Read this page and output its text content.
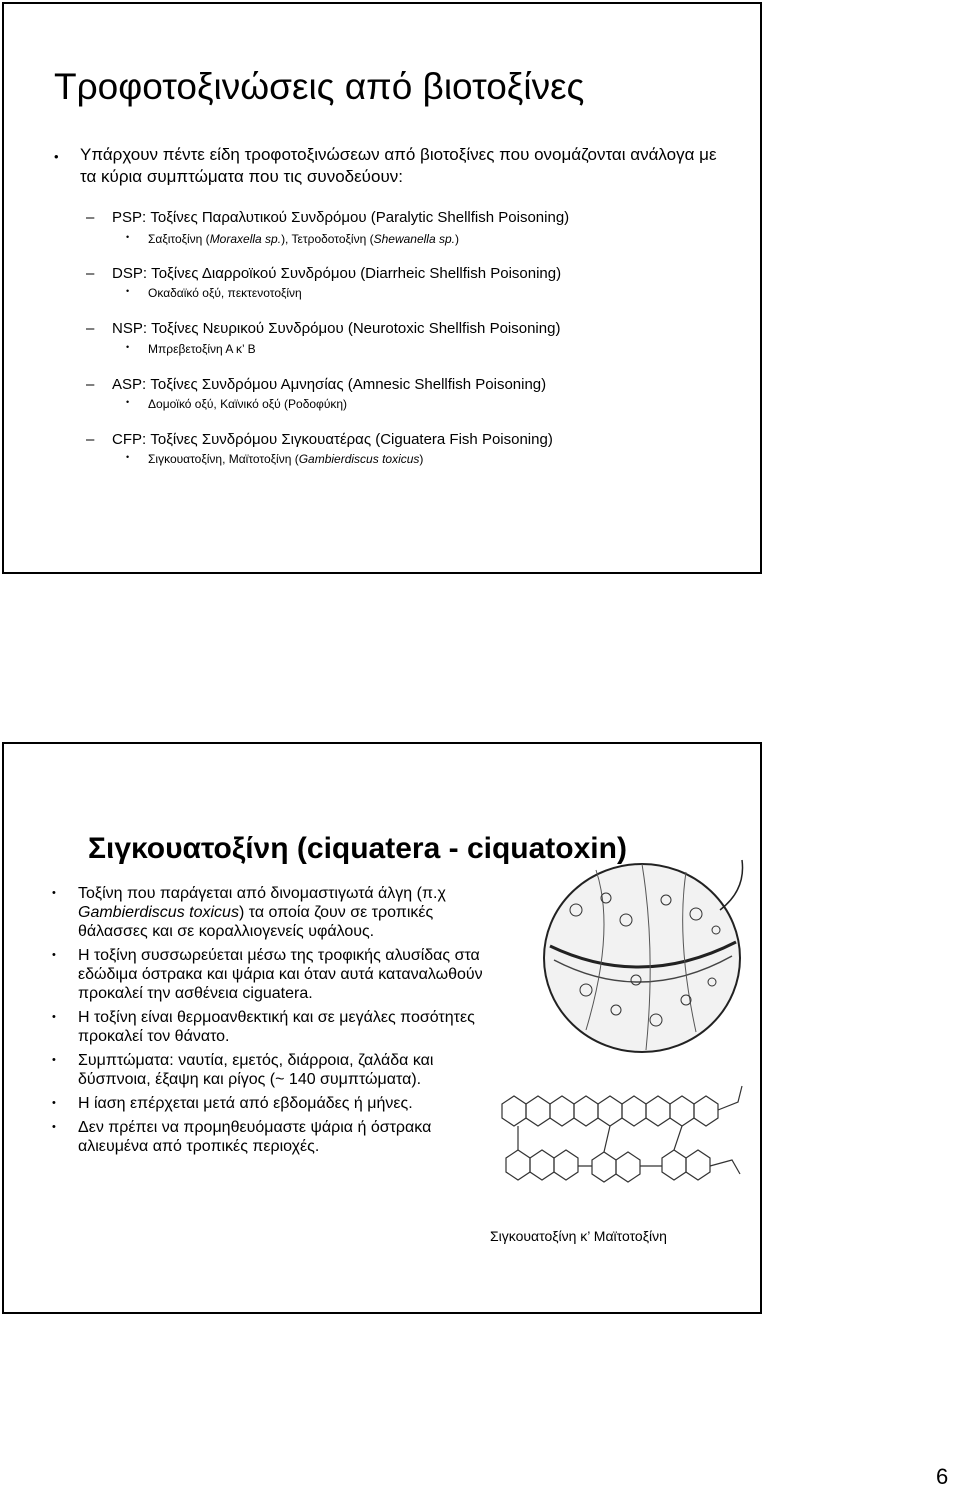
Τροφοτοξινώσεις από βιοτοξίνες
• Υπάρχουν πέντε είδη τροφοτοξινώσεων από βιοτοξίνες που ονομάζονται ανάλογα με τα κύρια συμπτώματα που τις συνοδεύουν:
– PSP: Τοξίνες Παραλυτικού Συνδρόμου (Paralytic Shellfish Poisoning)
• Σαξιτοξίνη (Moraxella sp.), Τετροδοτοξίνη (Shewanella sp.)
– DSP: Τοξίνες Διαρροϊκού Συνδρόμου (Diarrheic Shellfish Poisoning)
• Οκαδαϊκό οξύ, πεκτενοτοξίνη
– NSP: Τοξίνες Νευρικού Συνδρόμου (Neurotoxic Shellfish Poisoning)
• Μπρεβετοξίνη Α κ’ Β
– ASP: Τοξίνες Συνδρόμου Αμνησίας (Amnesic Shellfish Poisoning)
• Δομοϊκό οξύ, Καϊνικό οξύ (Ροδοφύκη)
– CFP: Τοξίνες Συνδρόμου Σιγκουατέρας (Ciguatera Fish Poisoning)
• Σιγκουατοξίνη, Μαϊτοτοξίνη (Gambierdiscus toxicus)
Σιγκουατοξίνη (ciquatera - ciquatoxin)
• Τοξίνη που παράγεται από δινομαστιγωτά άλγη (π.χ Gambierdiscus toxicus) τα οποία ζουν σε τροπικές θάλασσες και σε κοραλλιογενείς υφάλους.
• Η τοξίνη συσσωρεύεται μέσω της τροφικής αλυσίδας στα εδώδιμα όστρακα και ψάρια και όταν αυτά καταναλωθούν προκαλεί την ασθένεια ciguatera.
• Η τοξίνη είναι θερμοανθεκτική και σε μεγάλες ποσότητες προκαλεί τον θάνατο.
• Συμπτώματα: ναυτία, εμετός, διάρροια, ζαλάδα και δύσπνοια, έξαψη και ρίγος (~ 140 συμπτώματα).
• Η ίαση επέρχεται μετά από εβδομάδες ή μήνες.
• Δεν πρέπει να προμηθευόμαστε ψάρια ή όστρακα αλιευμένα από τροπικές περιοχές.
Σιγκουατοξίνη κ’ Μαϊτοτοξίνη
6
